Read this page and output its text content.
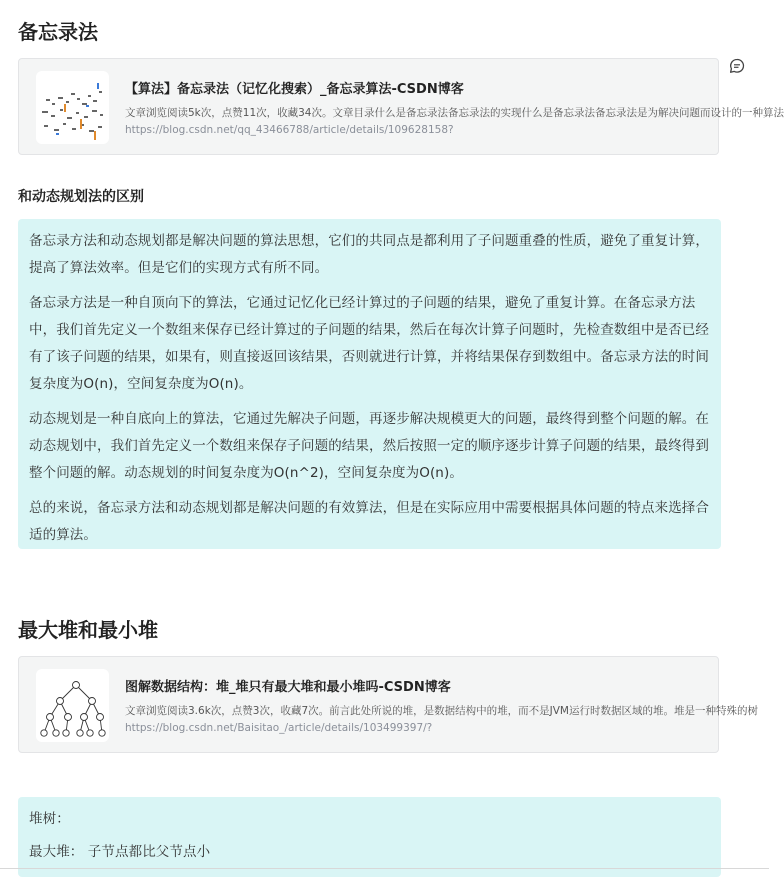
备忘录法
【算法】备忘录法（记忆化搜索）_备忘录算法-CSDN博客
文章浏览阅读5k次，点赞11次，收藏34次。文章目录什么是备忘录法备忘录法的实现什么是备忘录法备忘录法是为解决问题而设计的一种算法
https://blog.csdn.net/qq_43466788/article/details/109628158?
和动态规划法的区别

备忘录方法和动态规划都是解决问题的算法思想，它们的共同点是都利用了子问题重叠的性质，避免了重复计算，提高了算法效率。但是它们的实现方式有所不同。

备忘录方法是一种自顶向下的算法，它通过记忆化已经计算过的子问题的结果，避免了重复计算。在备忘录方法中，我们首先定义一个数组来保存已经计算过的子问题的结果，然后在每次计算子问题时，先检查数组中是否已经有了该子问题的结果，如果有，则直接返回该结果，否则就进行计算，并将结果保存到数组中。备忘录方法的时间复杂度为O(n)，空间复杂度为O(n)。

动态规划是一种自底向上的算法，它通过先解决子问题，再逐步解决规模更大的问题，最终得到整个问题的解。在动态规划中，我们首先定义一个数组来保存子问题的结果，然后按照一定的顺序逐步计算子问题的结果，最终得到整个问题的解。动态规划的时间复杂度为O(n^2)，空间复杂度为O(n)。

总的来说，备忘录方法和动态规划都是解决问题的有效算法，但是在实际应用中需要根据具体问题的特点来选择合适的算法。

最大堆和最小堆
图解数据结构：堆_堆只有最大堆和最小堆吗-CSDN博客
文章浏览阅读3.6k次，点赞3次，收藏7次。前言此处所说的堆，是数据结构中的堆，而不是JVM运行时数据区域的堆。堆是一种特殊的树
https://blog.csdn.net/Baisitao_/article/details/103499397/?

堆树：

最大堆： 子节点都比父节点小
